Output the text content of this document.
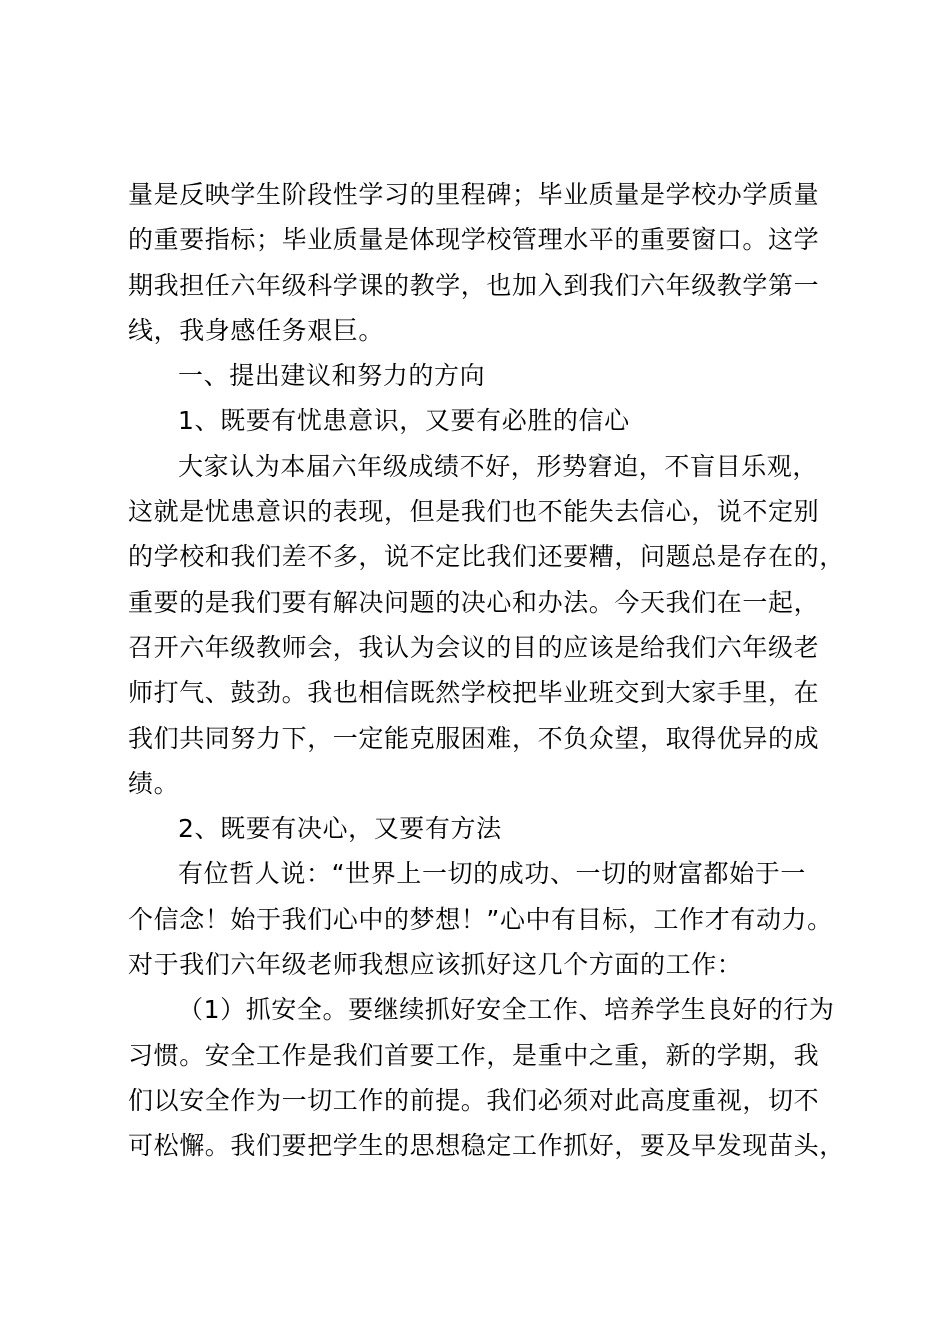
量是反映学生阶段性学习的里程碑；毕业质量是学校办学质量
的重要指标；毕业质量是体现学校管理水平的重要窗口。这学
期我担任六年级科学课的教学，也加入到我们六年级教学第一
线，我身感任务艰巨。
一、提出建议和努力的方向
1、既要有忧患意识，又要有必胜的信心
大家认为本届六年级成绩不好，形势窘迫，不盲目乐观，
这就是忧患意识的表现，但是我们也不能失去信心，说不定别
的学校和我们差不多，说不定比我们还要糟，问题总是存在的，
重要的是我们要有解决问题的决心和办法。今天我们在一起，
召开六年级教师会，我认为会议的目的应该是给我们六年级老
师打气、鼓劲。我也相信既然学校把毕业班交到大家手里，在
我们共同努力下，一定能克服困难，不负众望，取得优异的成
绩。
2、既要有决心，又要有方法
有位哲人说：“世界上一切的成功、一切的财富都始于一
个信念！始于我们心中的梦想！”心中有目标，工作才有动力。
对于我们六年级老师我想应该抓好这几个方面的工作：
（1）抓安全。要继续抓好安全工作、培养学生良好的行为
习惯。安全工作是我们首要工作，是重中之重，新的学期，我
们以安全作为一切工作的前提。我们必须对此高度重视，切不
可松懈。我们要把学生的思想稳定工作抓好，要及早发现苗头，
